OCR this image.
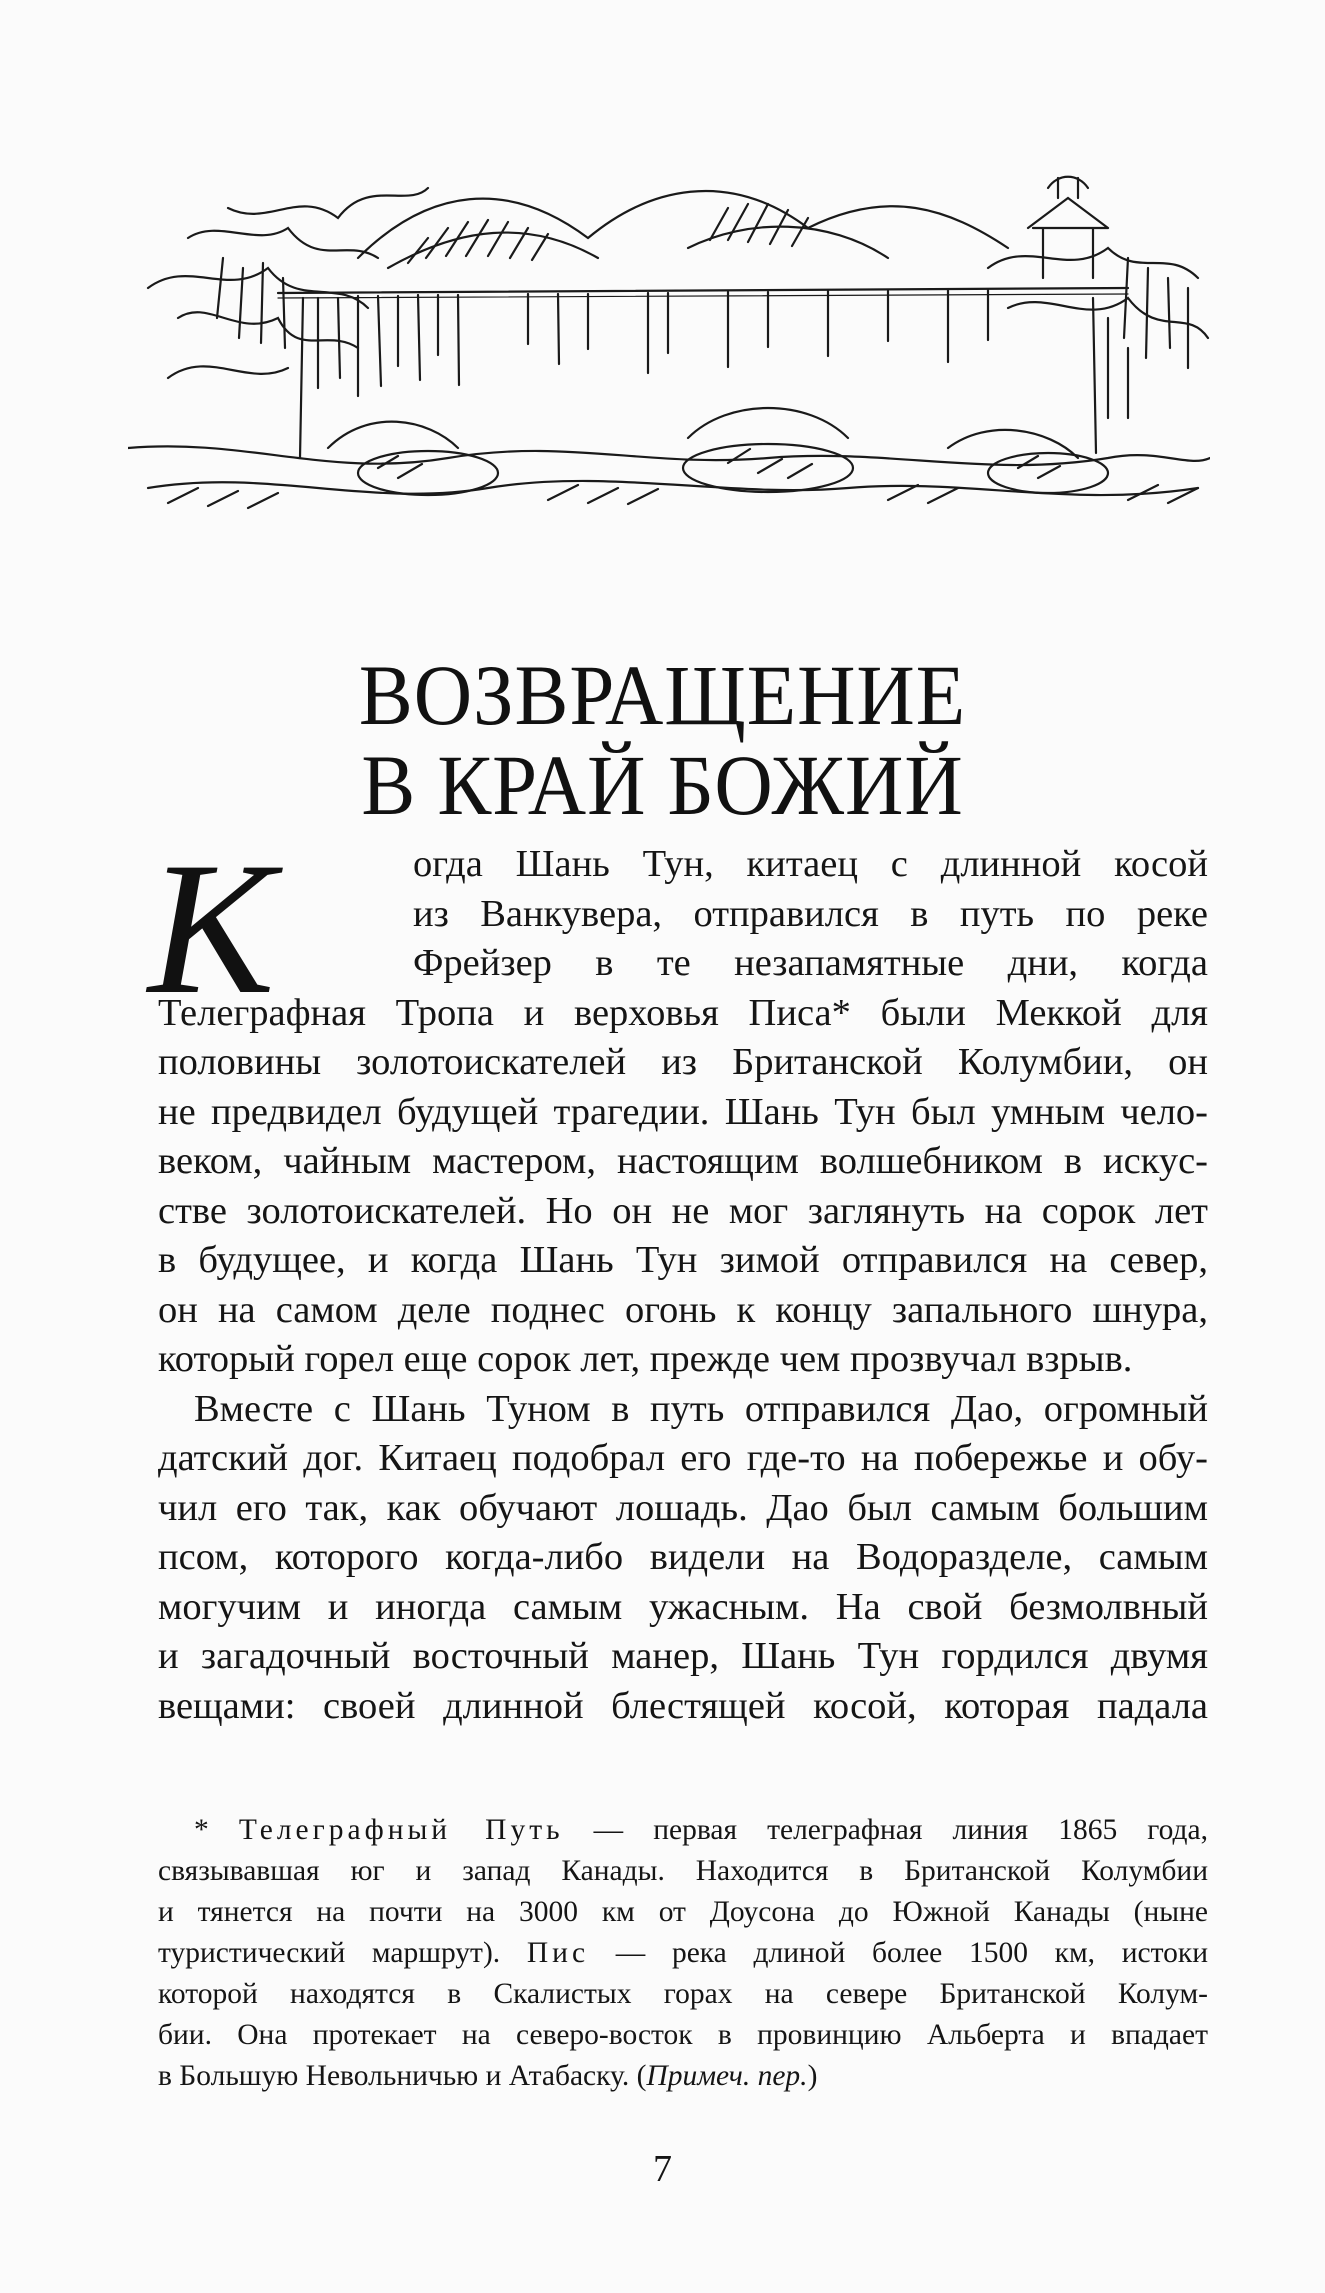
ВОЗВРАЩЕНИЕ
В КРАЙ БОЖИЙ
К	огда Шань Тун, китаец с длинной косой
из Ванкувера, отправился в путь по реке
Фрейзер в те незапамятные дни, когда
Телеграфная Тропа и верховья Писа* были Меккой для
половины золотоискателей из Британской Колумбии, он
не предвидел будущей трагедии. Шань Тун был умным чело-
веком, чайным мастером, настоящим волшебником в искус-
стве золотоискателей. Но он не мог заглянуть на сорок лет
в будущее, и когда Шань Тун зимой отправился на север,
он на самом деле поднес огонь к концу запального шнура,
который горел еще сорок лет, прежде чем прозвучал взрыв.
Вместе с Шань Туном в путь отправился Дао, огромный
датский дог. Китаец подобрал его где-то на побережье и обу-
чил его так, как обучают лошадь. Дао был самым большим
псом, которого когда-либо видели на Водоразделе, самым
могучим и иногда самым ужасным. На свой безмолвный
и загадочный восточный манер, Шань Тун гордился двумя
вещами: своей длинной блестящей косой, которая падала
* Телеграфный Путь — первая телеграфная линия 1865 года,
связывавшая юг и запад Канады. Находится в Британской Колумбии
и тянется на почти на 3000 км от Доусона до Южной Канады (ныне
туристический маршрут). Пис — река длиной более 1500 км, истоки
которой находятся в Скалистых горах на севере Британской Колум-
бии. Она протекает на северо-восток в провинцию Альберта и впадает
в Большую Невольничью и Атабаску. (Примеч. пер.)
7
